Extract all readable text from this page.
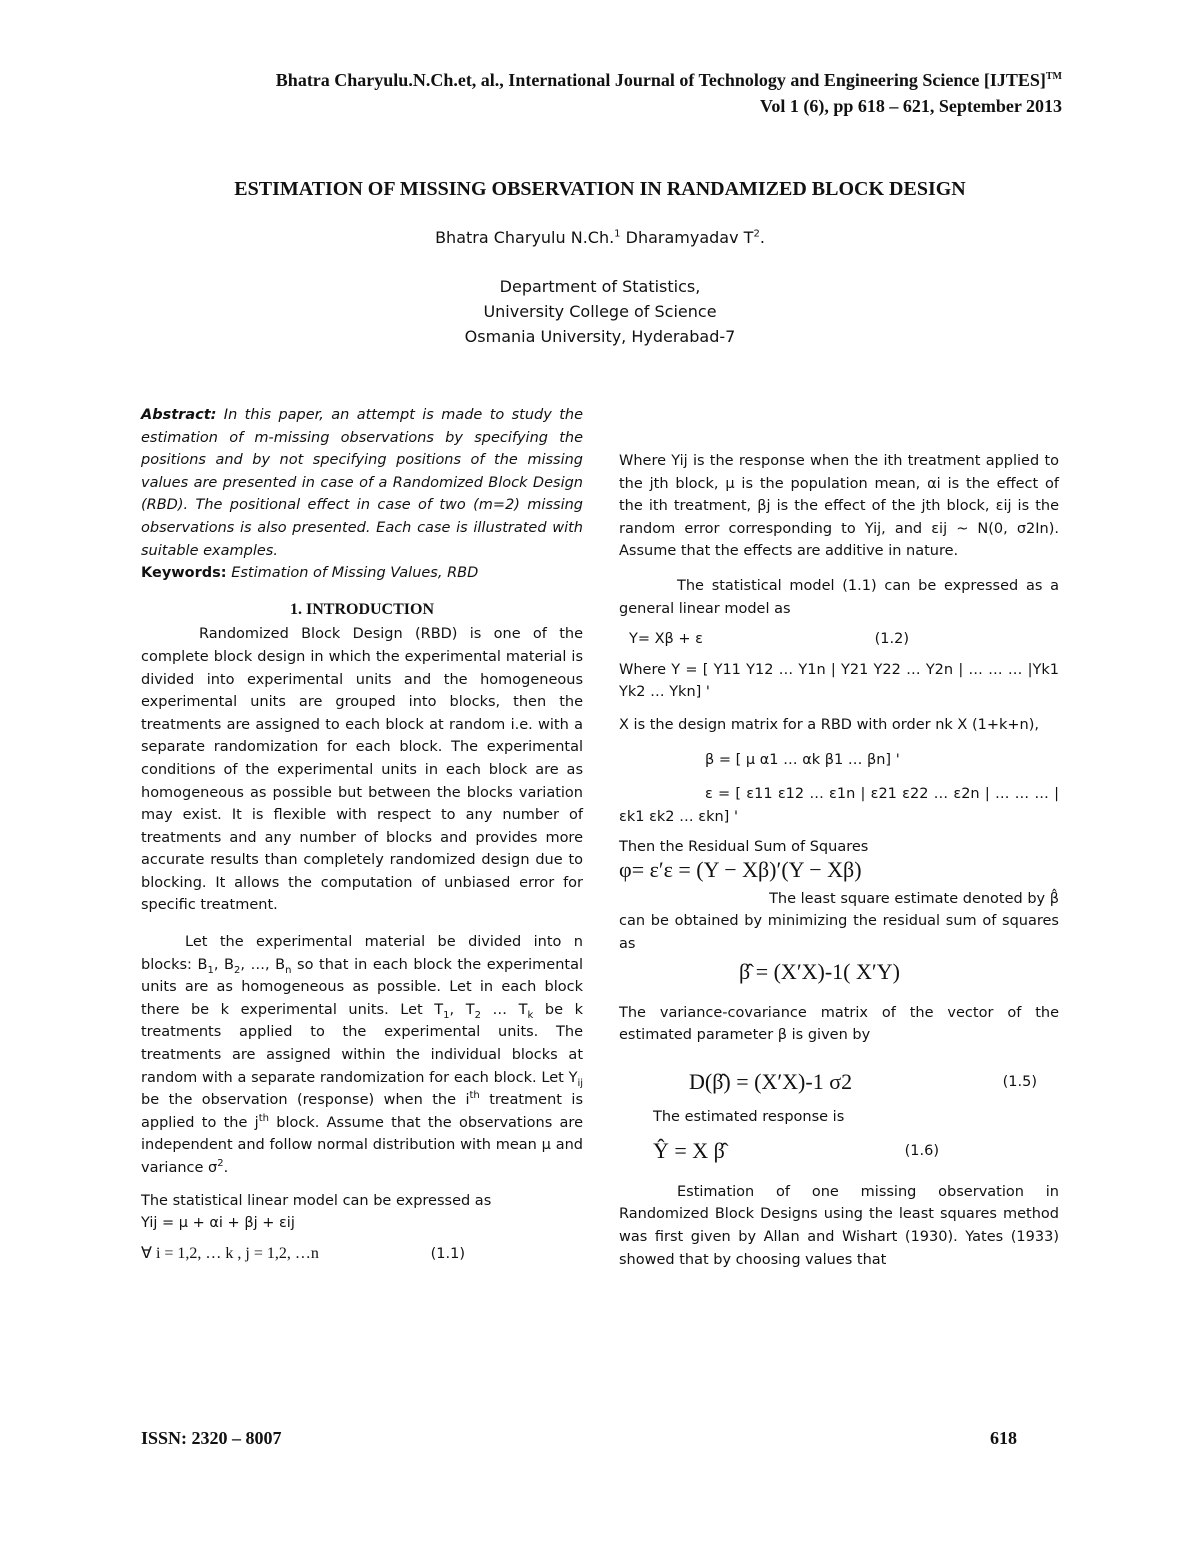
Bhatra Charyulu.N.Ch.et, al., International Journal of Technology and Engineering Science [IJTES]™
Vol 1 (6), pp 618 – 621, September 2013
ESTIMATION OF MISSING OBSERVATION IN RANDAMIZED BLOCK DESIGN
Bhatra Charyulu N.Ch.$^1$ Dharamyadav $T^2$.
Department of Statistics,
University College of Science
Osmania University, Hyderabad-7

Abstract: In this paper, an attempt is made to study the estimation of m-missing observations by specifying the positions and by not specifying positions of the missing values are presented in case of a Randomized Block Design (RBD). The positional effect in case of two (m=2) missing observations is also presented. Each case is illustrated with suitable examples.

Keywords: Estimation of Missing Values, RBD

1. INTRODUCTION

Randomized Block Design (RBD) is one of the complete block design in which the experimental material is divided into experimental units and the homogeneous experimental units are grouped into blocks, then the treatments are assigned to each block at random i.e. with a separate randomization for each block. The experimental conditions of the experimental units in each block are as homogeneous as possible but between the blocks variation may exist. It is flexible with respect to any number of treatments and any number of blocks and provides more accurate results than completely randomized design due to blocking. It allows the computation of unbiased error for specific treatment.

Let the experimental material be divided into n blocks: $B_1$, $B_2$, …, $B_n$ so that in each block the experimental units are as homogeneous as possible. Let in each block there be k experimental units. Let $T_1$, $T_2$ … $T_k$ be k treatments applied to the experimental units. The treatments are assigned within the individual blocks at random with a separate randomization for each block. Let $Y_{ij}$ be the observation (response) when the $i^{th}$ treatment is applied to the $j^{th}$ block. Assume that the observations are independent and follow normal distribution with mean μ and variance $\sigma^2$.

The statistical linear model can be expressed as

Yij = μ + αi + βj + εij

∀ i = 1,2, … k , j = 1,2, …n	(1.1)

Where Yij is the response when the ith treatment applied to the jth block, μ is the population mean, αi is the effect of the ith treatment, βj is the effect of the jth block, εij is the random error corresponding to Yij, and εij ~ N(0, σ2In). Assume that the effects are additive in nature.

The statistical model (1.1) can be expressed as a general linear model as

Y= Xβ + ε	(1.2)

Where Y = [ Y11 Y12 … Y1n | Y21 Y22 … Y2n | … … … |Yk1 Yk2 … Ykn] '

X is the design matrix for a RBD with order nk X (1+k+n),

β = [ μ α1 … αk β1 … βn] '

ε = [ ε11 ε12 … ε1n | ε21 ε22 … ε2n | … … … |εk1 εk2 … εkn] '

Then the Residual Sum of Squares

φ= ε′ε = (Y − Xβ)′(Y − Xβ)

The least square estimate denoted by β̂

can be obtained by minimizing the residual sum of squares as

β̂ = (X′X)-1( X′Y)

The variance-covariance matrix of the vector of the estimated parameter β is given by

D(β̂) = (X′X)-1 σ2	(1.5)

The estimated response is

Ŷ = X β̂	(1.6)

Estimation of one missing observation in Randomized Block Designs using the least squares method was first given by Allan and Wishart (1930). Yates (1933) showed that by choosing values that

ISSN: 2320 – 8007	618
